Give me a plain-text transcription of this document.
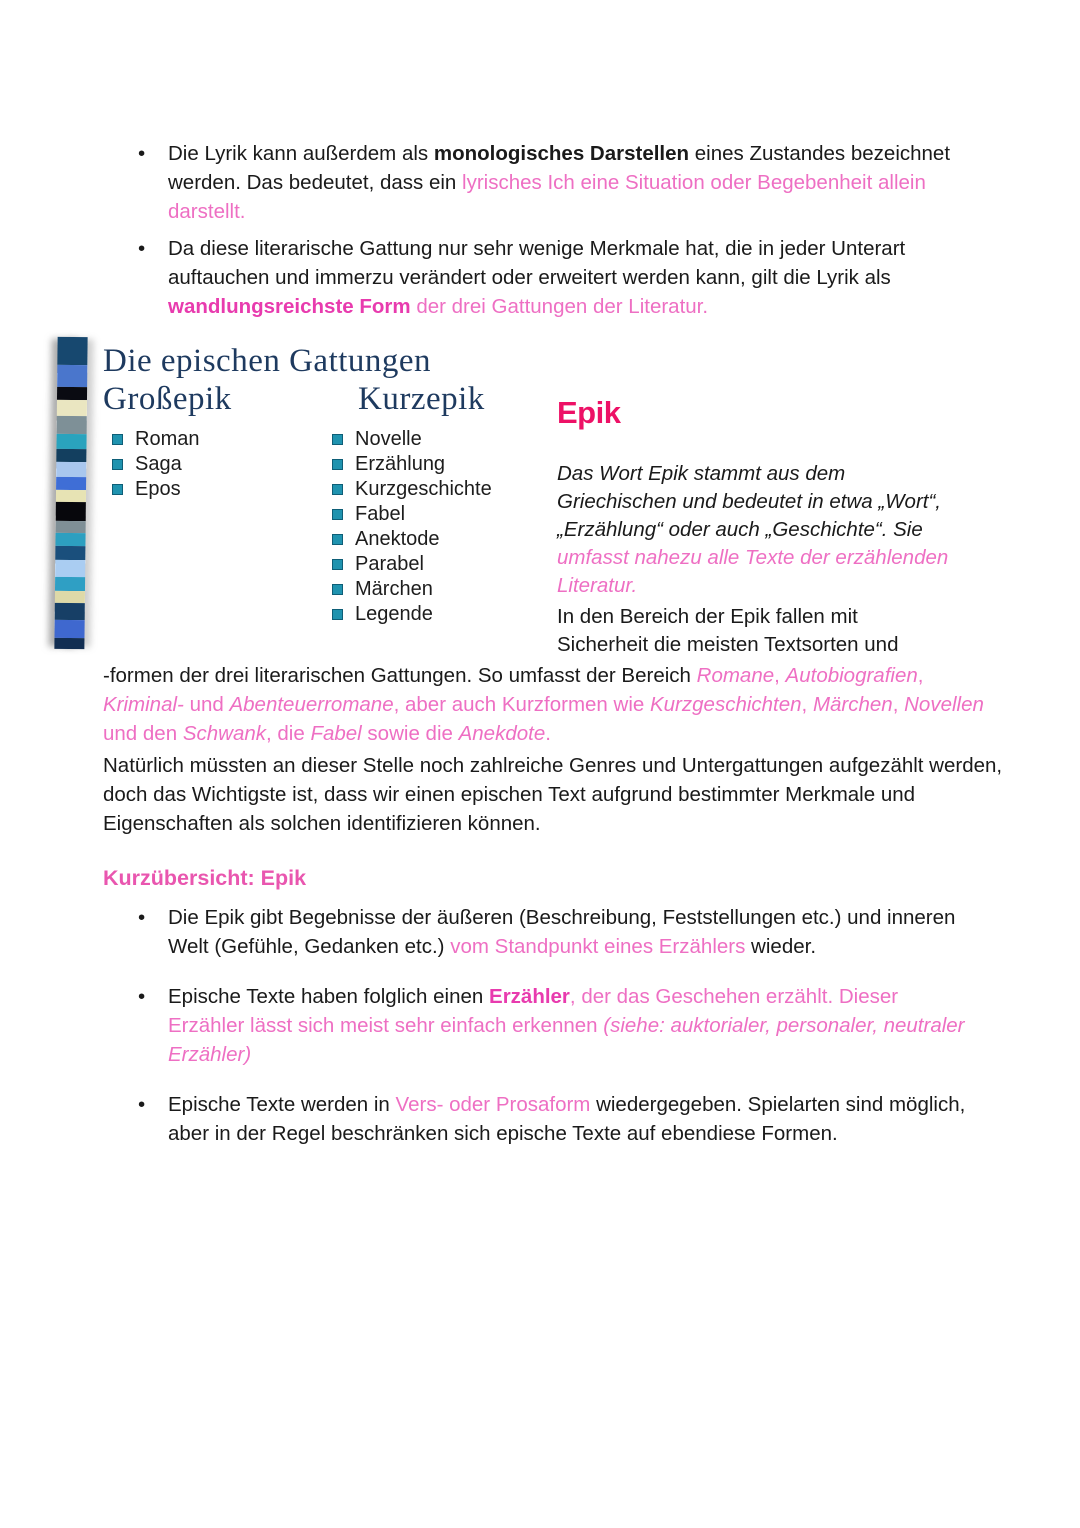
•	Die Lyrik kann außerdem als monologisches Darstellen eines Zustandes bezeichnet werden. Das bedeutet, dass ein lyrisches Ich eine Situation oder Begebenheit allein darstellt.

•	Da diese literarische Gattung nur sehr wenige Merkmale hat, die in jeder Unterart auftauchen und immerzu verändert oder erweitert werden kann, gilt die Lyrik als wandlungsreichste Form der drei Gattungen der Literatur.

Die epischen Gattungen
Großepik	Kurzepik
Roman
Saga
Epos
Novelle
Erzählung
Kurzgeschichte
Fabel
Anektode
Parabel
Märchen
Legende
Epik

Das Wort Epik stammt aus dem
Griechischen und bedeutet in etwa „Wort“,
„Erzählung“ oder auch „Geschichte“. Sie
umfasst nahezu alle Texte der erzählenden
Literatur.

In den Bereich der Epik fallen mit
Sicherheit die meisten Textsorten und

-formen der drei literarischen Gattungen. So umfasst der Bereich Romane, Autobiografien, Kriminal- und Abenteuerromane, aber auch Kurzformen wie Kurzgeschichten, Märchen, Novellen und den Schwank, die Fabel sowie die Anekdote.

Natürlich müssten an dieser Stelle noch zahlreiche Genres und Untergattungen aufgezählt werden, doch das Wichtigste ist, dass wir einen epischen Text aufgrund bestimmter Merkmale und Eigenschaften als solchen identifizieren können.

Kurzübersicht: Epik
•	Die Epik gibt Begebnisse der äußeren (Beschreibung, Feststellungen etc.) und inneren Welt (Gefühle, Gedanken etc.) vom Standpunkt eines Erzählers wieder.

•	Epische Texte haben folglich einen Erzähler, der das Geschehen erzählt. Dieser Erzähler lässt sich meist sehr einfach erkennen (siehe: auktorialer, personaler, neutraler Erzähler)

•	Epische Texte werden in Vers- oder Prosaform wiedergegeben. Spielarten sind möglich, aber in der Regel beschränken sich epische Texte auf ebendiese Formen.
